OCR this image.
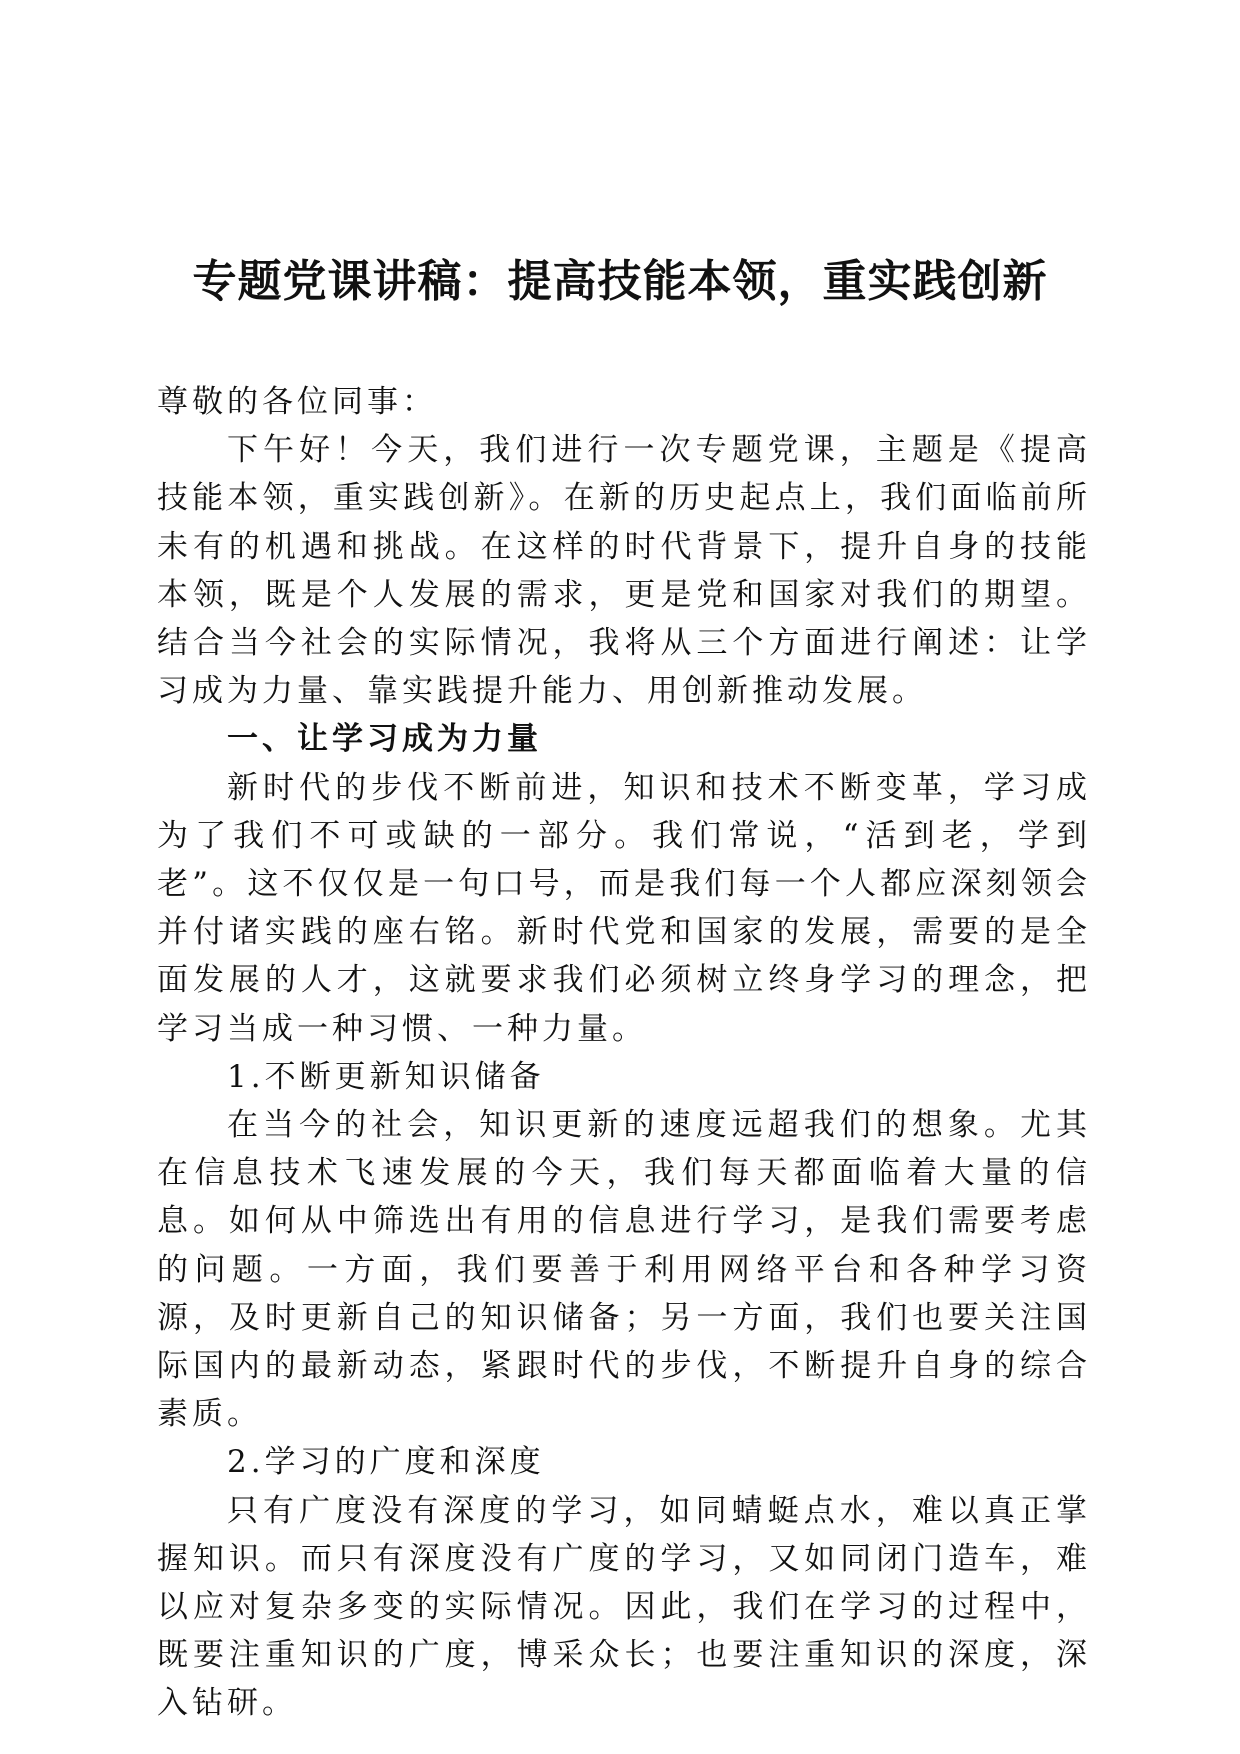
专题党课讲稿：提高技能本领，重实践创新

尊敬的各位同事：

下午好！今天，我们进行一次专题党课，主题是《提高技能本领，重实践创新》。在新的历史起点上，我们面临前所未有的机遇和挑战。在这样的时代背景下，提升自身的技能本领，既是个人发展的需求，更是党和国家对我们的期望。结合当今社会的实际情况，我将从三个方面进行阐述：让学习成为力量、靠实践提升能力、用创新推动发展。

一、让学习成为力量

新时代的步伐不断前进，知识和技术不断变革，学习成为了我们不可或缺的一部分。我们常说，“活到老，学到老”。这不仅仅是一句口号，而是我们每一个人都应深刻领会并付诸实践的座右铭。新时代党和国家的发展，需要的是全面发展的人才，这就要求我们必须树立终身学习的理念，把学习当成一种习惯、一种力量。

1.不断更新知识储备

在当今的社会，知识更新的速度远超我们的想象。尤其在信息技术飞速发展的今天，我们每天都面临着大量的信息。如何从中筛选出有用的信息进行学习，是我们需要考虑的问题。一方面，我们要善于利用网络平台和各种学习资源，及时更新自己的知识储备；另一方面，我们也要关注国际国内的最新动态，紧跟时代的步伐，不断提升自身的综合素质。

2.学习的广度和深度

只有广度没有深度的学习，如同蜻蜓点水，难以真正掌握知识。而只有深度没有广度的学习，又如同闭门造车，难以应对复杂多变的实际情况。因此，我们在学习的过程中，既要注重知识的广度，博采众长；也要注重知识的深度，深入钻研。
